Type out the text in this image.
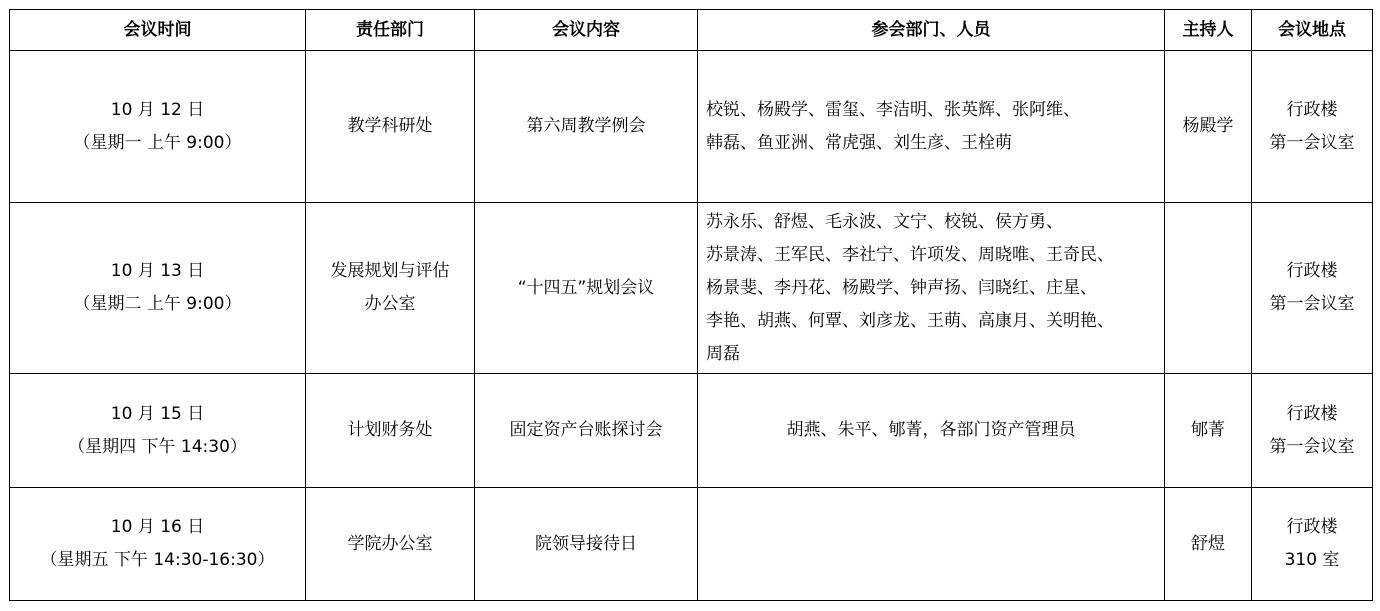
会议时间	责任部门	会议内容	参会部门、人员	主持人	会议地点

10 月 12 日
（星期一 上午 9:00）	教学科研处	第六周教学例会	校锐、杨殿学、雷玺、李洁明、张英辉、张阿维、
韩磊、鱼亚洲、常虎强、刘生彦、王栓萌	杨殿学	行政楼
第一会议室

10 月 13 日
（星期二 上午 9:00）	发展规划与评估
办公室	“十四五”规划会议	苏永乐、舒煜、毛永波、文宁、校锐、侯方勇、
苏景涛、王军民、李社宁、许项发、周晓唯、王奇民、
杨景斐、李丹花、杨殿学、钟声扬、闫晓红、庄星、
李艳、胡燕、何覃、刘彦龙、王萌、高康月、关明艳、
周磊		行政楼
第一会议室

10 月 15 日
（星期四 下午 14:30）	计划财务处	固定资产台账探讨会	胡燕、朱平、郇菁，各部门资产管理员	郇菁	行政楼
第一会议室

10 月 16 日
（星期五 下午 14:30-16:30）	学院办公室	院领导接待日		舒煜	行政楼
310 室
